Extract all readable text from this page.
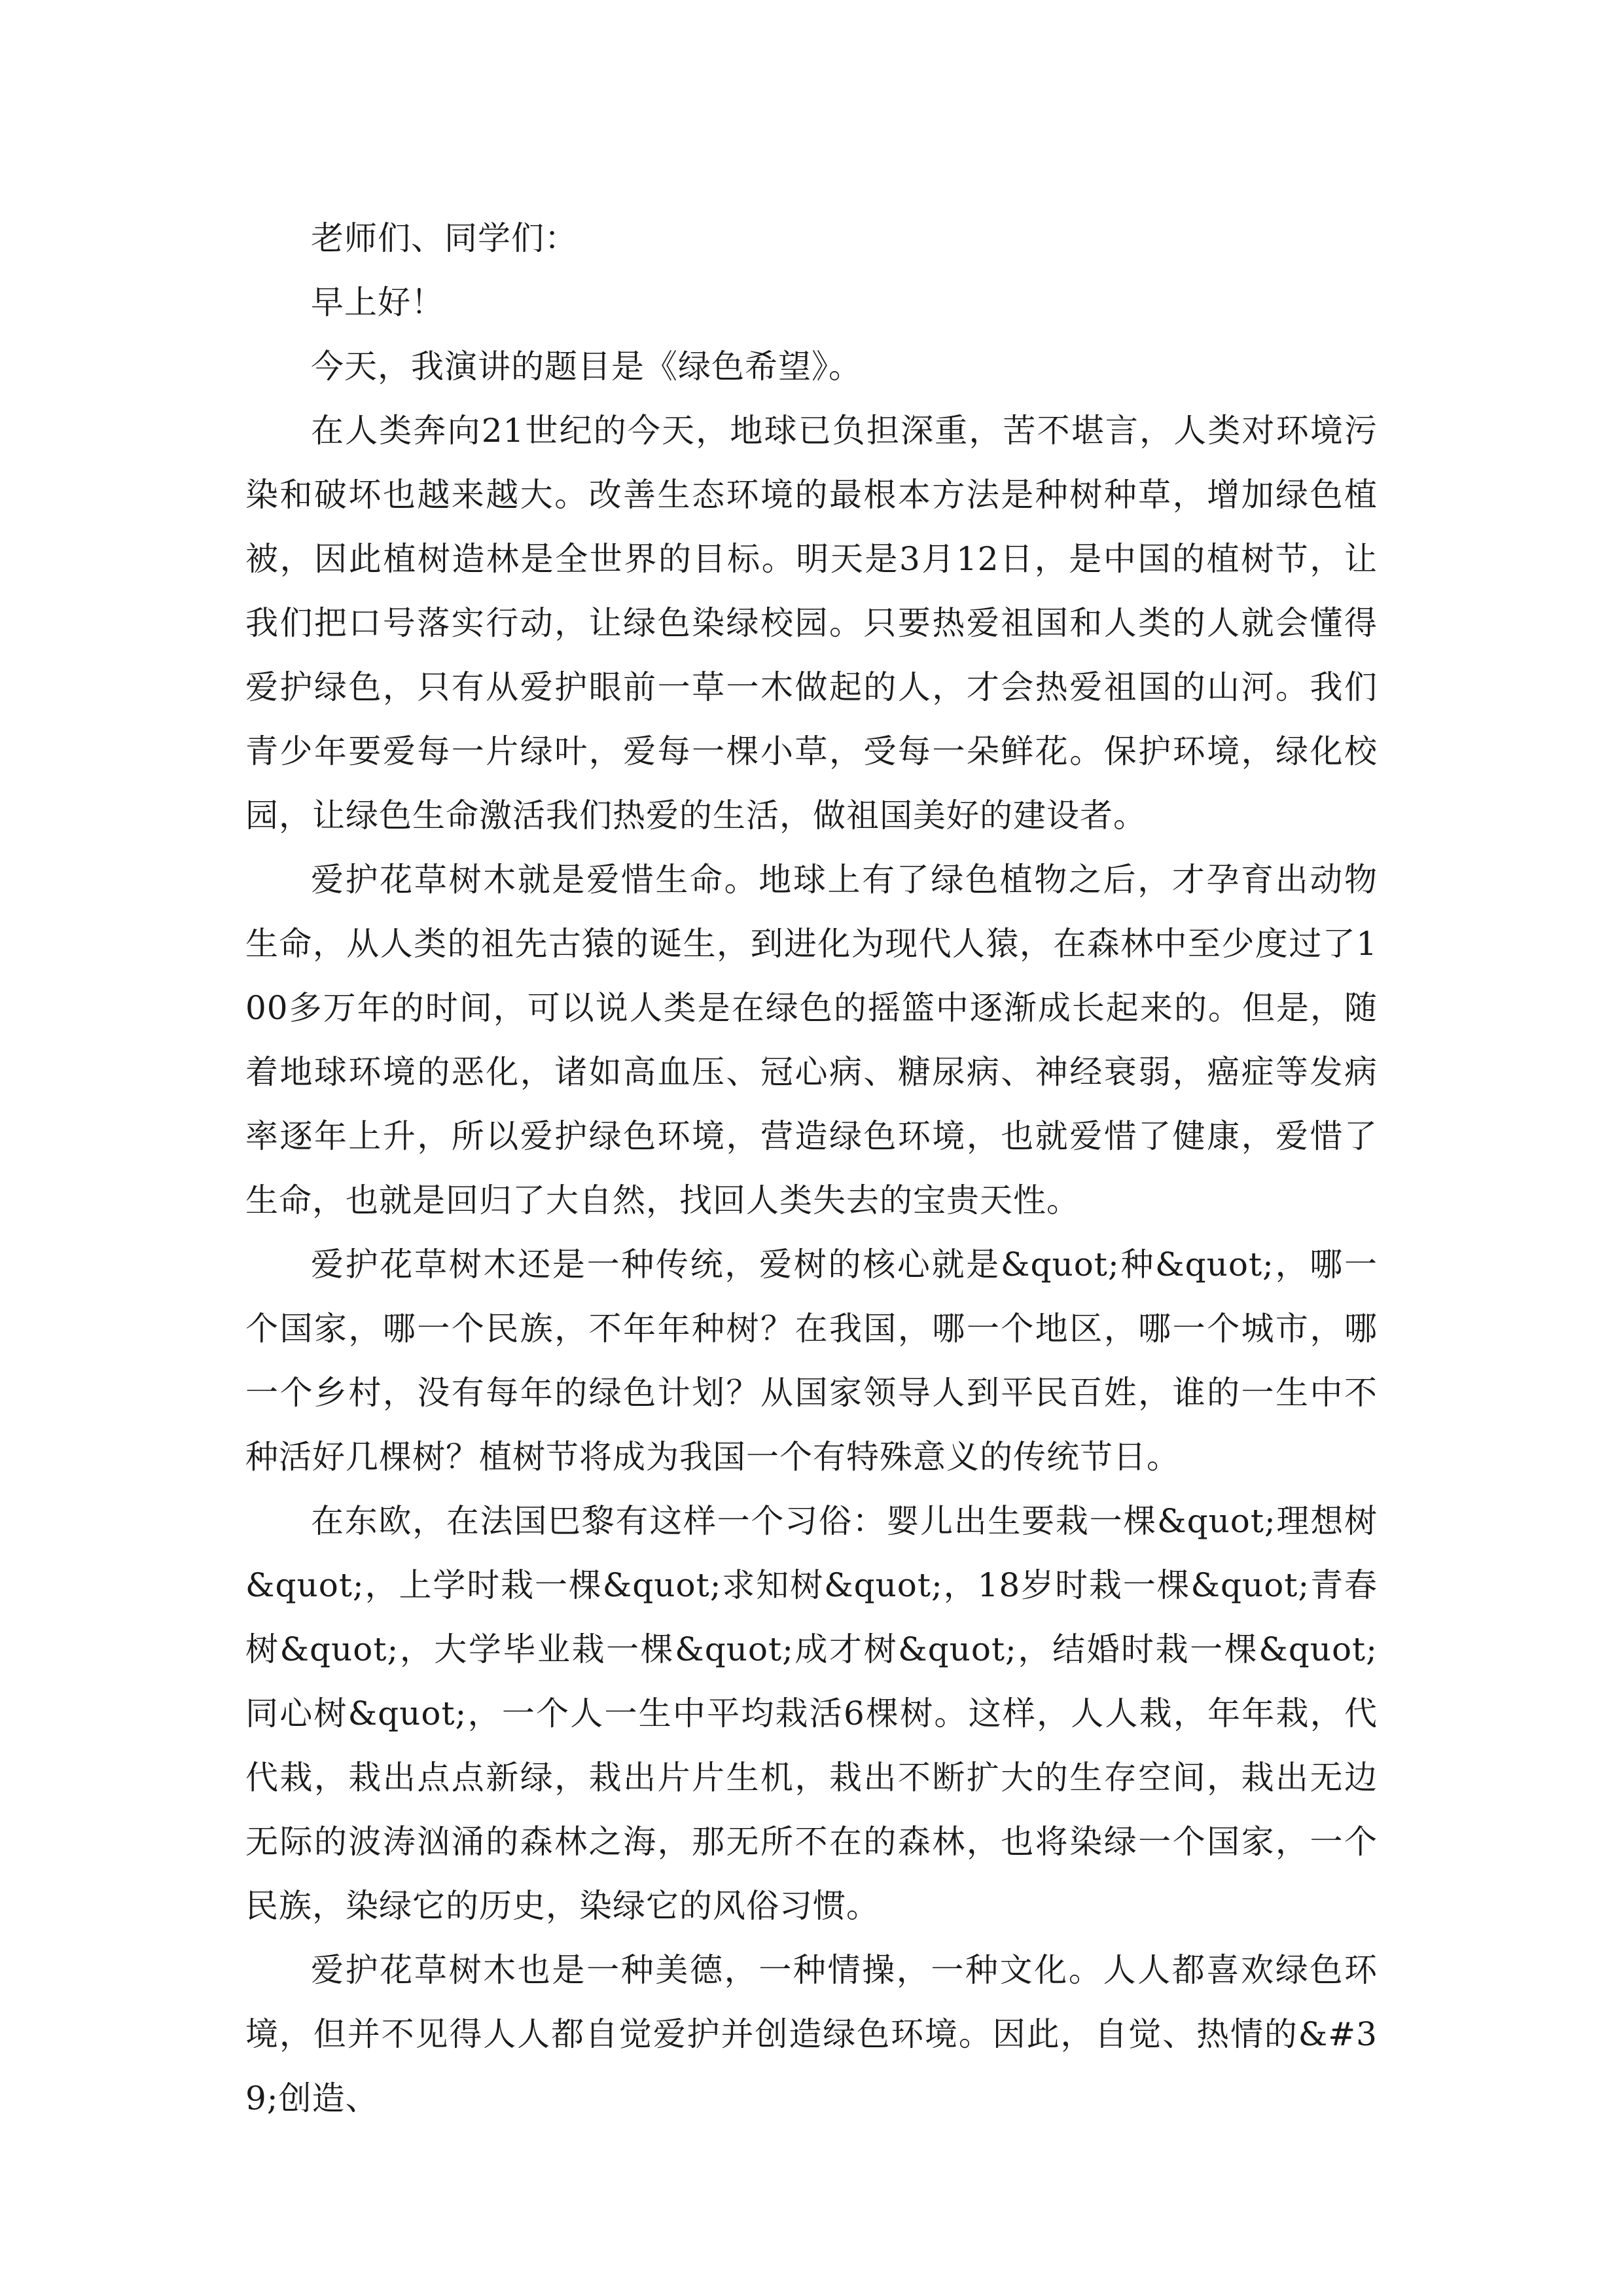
老师们、同学们：

早上好！

今天，我演讲的题目是《绿色希望》。

在人类奔向21世纪的今天，地球已负担深重，苦不堪言，人类对环境污染和破坏也越来越大。改善生态环境的最根本方法是种树种草，增加绿色植被，因此植树造林是全世界的目标。明天是3月12日，是中国的植树节，让我们把口号落实行动，让绿色染绿校园。只要热爱祖国和人类的人就会懂得爱护绿色，只有从爱护眼前一草一木做起的人，才会热爱祖国的山河。我们青少年要爱每一片绿叶，爱每一棵小草，受每一朵鲜花。保护环境，绿化校园，让绿色生命激活我们热爱的生活，做祖国美好的建设者。

爱护花草树木就是爱惜生命。地球上有了绿色植物之后，才孕育出动物生命，从人类的祖先古猿的诞生，到进化为现代人猿，在森林中至少度过了100多万年的时间，可以说人类是在绿色的摇篮中逐渐成长起来的。但是，随着地球环境的恶化，诸如高血压、冠心病、糖尿病、神经衰弱，癌症等发病率逐年上升，所以爱护绿色环境，营造绿色环境，也就爱惜了健康，爱惜了生命，也就是回归了大自然，找回人类失去的宝贵天性。

爱护花草树木还是一种传统，爱树的核心就是&quot;种&quot;，哪一个国家，哪一个民族，不年年种树？在我国，哪一个地区，哪一个城市，哪一个乡村，没有每年的绿色计划？从国家领导人到平民百姓，谁的一生中不种活好几棵树？植树节将成为我国一个有特殊意义的传统节日。

在东欧，在法国巴黎有这样一个习俗：婴儿出生要栽一棵&quot;理想树&quot;，上学时栽一棵&quot;求知树&quot;，18岁时栽一棵&quot;青春树&quot;，大学毕业栽一棵&quot;成才树&quot;，结婚时栽一棵&quot;同心树&quot;，一个人一生中平均栽活6棵树。这样，人人栽，年年栽，代代栽，栽出点点新绿，栽出片片生机，栽出不断扩大的生存空间，栽出无边无际的波涛汹涌的森林之海，那无所不在的森林，也将染绿一个国家，一个民族，染绿它的历史，染绿它的风俗习惯。

爱护花草树木也是一种美德，一种情操，一种文化。人人都喜欢绿色环境，但并不见得人人都自觉爱护并创造绿色环境。因此，自觉、热情的&#39;创造、
